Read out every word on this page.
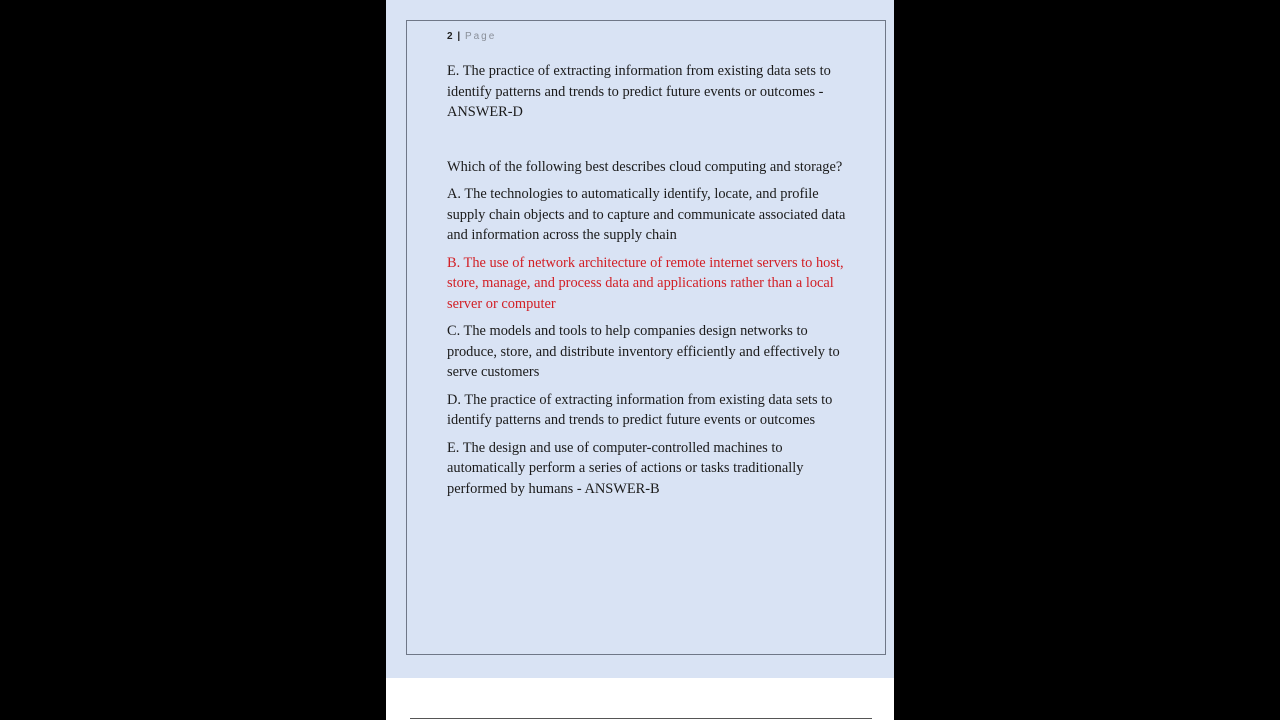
2 | Page

E. The practice of extracting information from existing data sets to identify patterns and trends to predict future events or outcomes - ANSWER-D

Which of the following best describes cloud computing and storage?

A. The technologies to automatically identify, locate, and profile supply chain objects and to capture and communicate associated data and information across the supply chain

B. The use of network architecture of remote internet servers to host, store, manage, and process data and applications rather than a local server or computer

C. The models and tools to help companies design networks to produce, store, and distribute inventory efficiently and effectively to serve customers

D. The practice of extracting information from existing data sets to identify patterns and trends to predict future events or outcomes

E. The design and use of computer-controlled machines to automatically perform a series of actions or tasks traditionally performed by humans - ANSWER-B
